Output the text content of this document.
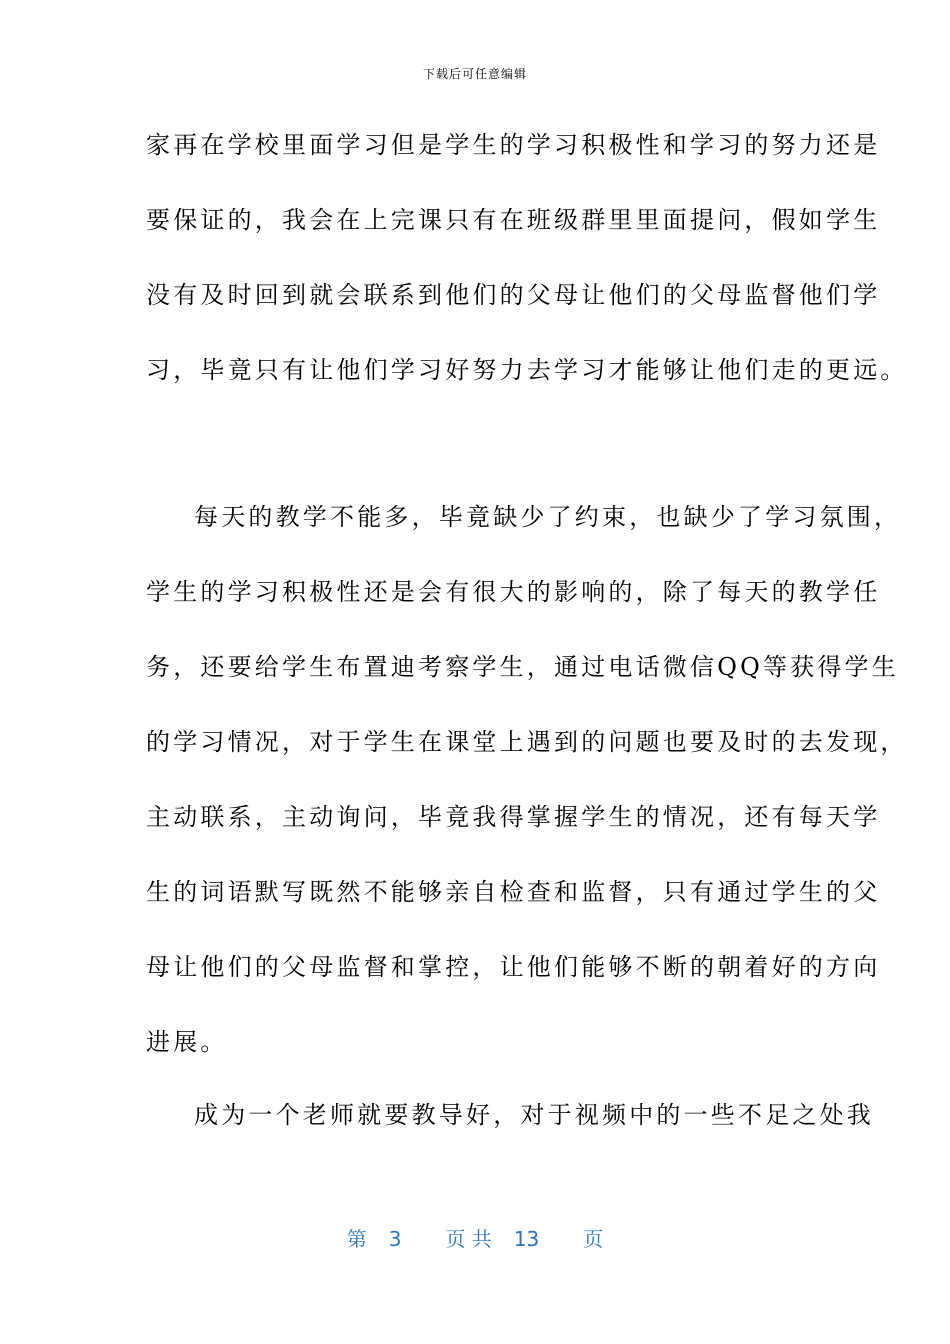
下载后可任意编辑
家再在学校里面学习但是学生的学习积极性和学习的努力还是
要保证的，我会在上完课只有在班级群里里面提问，假如学生
没有及时回到就会联系到他们的父母让他们的父母监督他们学
习，毕竟只有让他们学习好努力去学习才能够让他们走的更远。
每天的教学不能多，毕竟缺少了约束，也缺少了学习氛围，
学生的学习积极性还是会有很大的影响的，除了每天的教学任
务，还要给学生布置迪考察学生，通过电话微信QQ等获得学生
的学习情况，对于学生在课堂上遇到的问题也要及时的去发现，
主动联系，主动询问，毕竟我得掌握学生的情况，还有每天学
生的词语默写既然不能够亲自检查和监督，只有通过学生的父
母让他们的父母监督和掌控，让他们能够不断的朝着好的方向
进展。
成为一个老师就要教导好，对于视频中的一些不足之处我
第 3 页 共 13 页
